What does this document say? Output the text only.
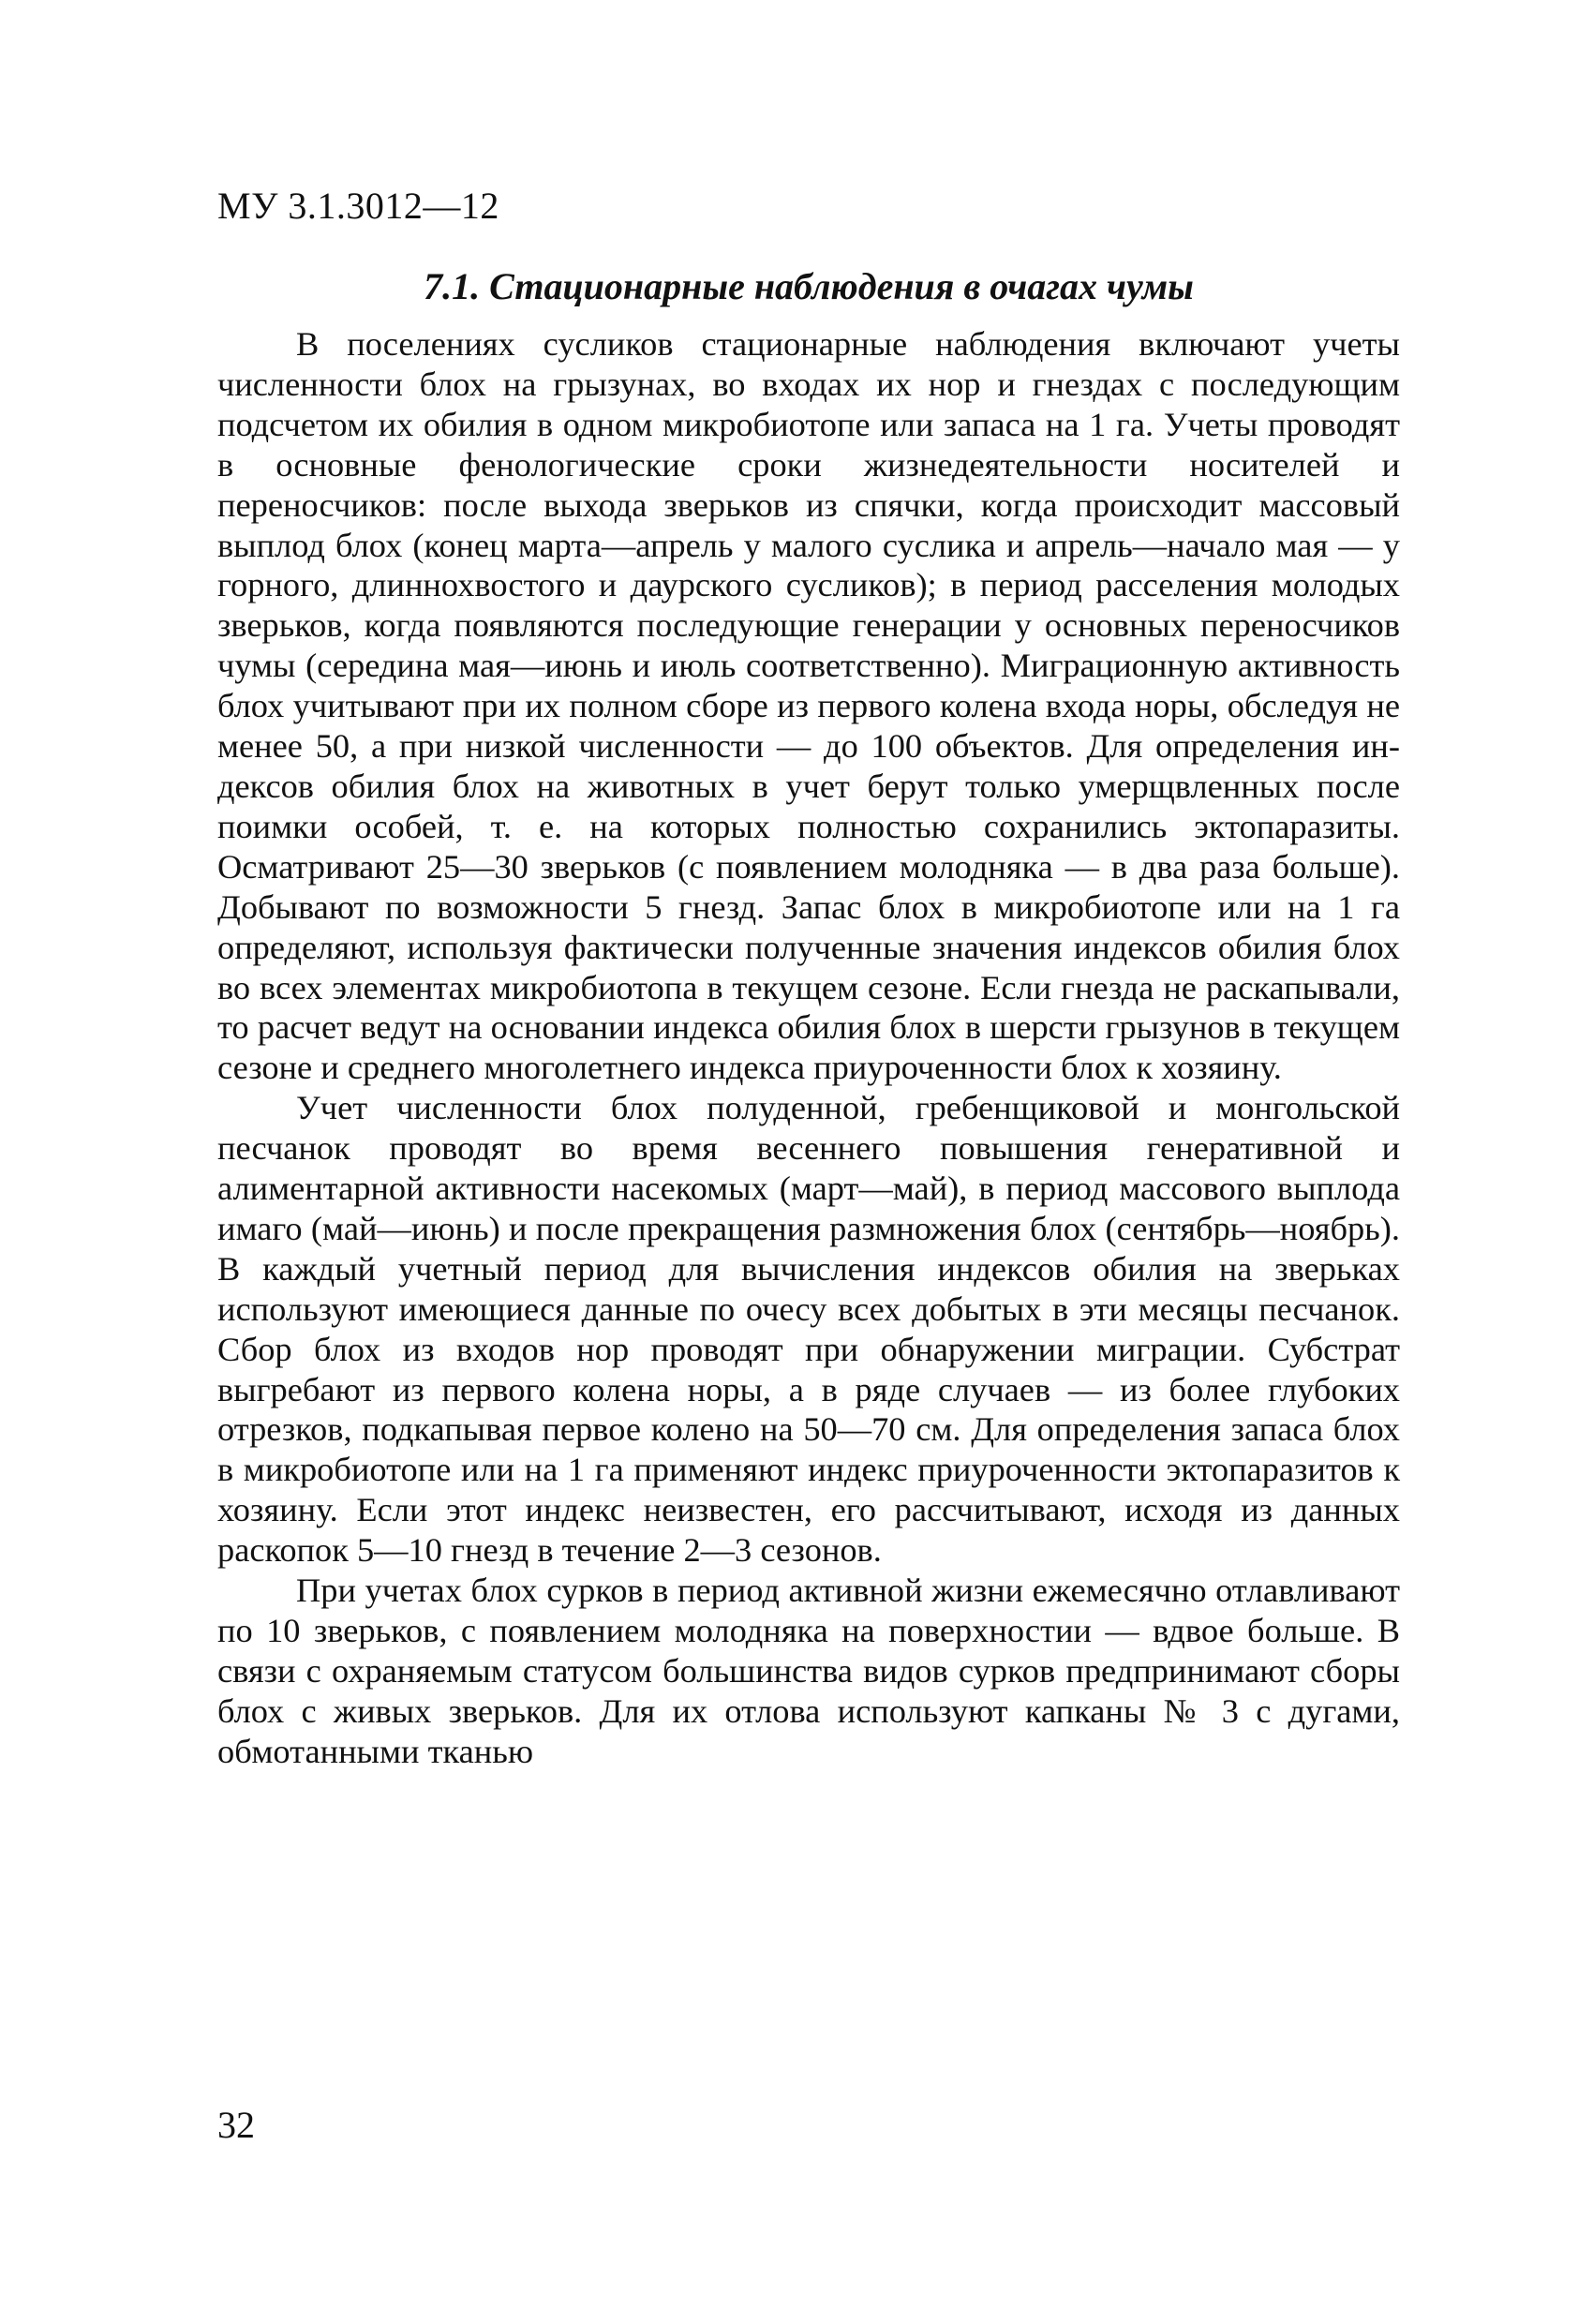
МУ 3.1.3012—12
7.1. Стационарные наблюдения в очагах чумы

В поселениях сусликов стационарные наблюдения включают учеты численности блох на грызунах, во входах их нор и гнездах с последующим подсчетом их обилия в одном микробиотопе или запаса на 1 га. Учеты проводят в основные фенологические сроки жизнедеятельности носителей и переносчиков: после выхода зверьков из спячки, когда происходит массовый выплод блох (конец марта—апрель у малого суслика и апрель—начало мая — у горного, длиннохвостого и даурского сусликов); в период расселения молодых зверьков, когда появляются последующие генерации у основных переносчиков чумы (середина мая—июнь и июль соответственно). Миграционную активность блох учитывают при их полном сборе из первого колена входа норы, обследуя не менее 50, а при низкой численности — до 100 объектов. Для определения индексов обилия блох на животных в учет берут только умерщвленных после поимки особей, т. е. на которых полностью сохранились эктопаразиты. Осматривают 25—30 зверьков (с появлением молодняка — в два раза больше). Добывают по возможности 5 гнезд. Запас блох в микробиотопе или на 1 га определяют, используя фактически полученные значения индексов обилия блох во всех элементах микробиотопа в текущем сезоне. Если гнезда не раскапывали, то расчет ведут на основании индекса обилия блох в шерсти грызунов в текущем сезоне и среднего многолетнего индекса приуроченности блох к хозяину.

Учет численности блох полуденной, гребенщиковой и монгольской песчанок проводят во время весеннего повышения генеративной и алиментарной активности насекомых (март—май), в период массового выплода имаго (май—июнь) и после прекращения размножения блох (сентябрь—ноябрь). В каждый учетный период для вычисления индексов обилия на зверьках используют имеющиеся данные по очесу всех добытых в эти месяцы песчанок. Сбор блох из входов нор проводят при обнаружении миграции. Субстрат выгребают из первого колена норы, а в ряде случаев — из более глубоких отрезков, подкапывая первое колено на 50—70 см. Для определения запаса блох в микробиотопе или на 1 га применяют индекс приуроченности эктопаразитов к хозяину. Если этот индекс неизвестен, его рассчитывают, исходя из данных раскопок 5—10 гнезд в течение 2—3 сезонов.

При учетах блох сурков в период активной жизни ежемесячно отлавливают по 10 зверьков, с появлением молодняка на поверхностии — вдвое больше. В связи с охраняемым статусом большинства видов сурков предпринимают сборы блох с живых зверьков. Для их отлова используют капканы № 3 с дугами, обмотанными тканью

32
